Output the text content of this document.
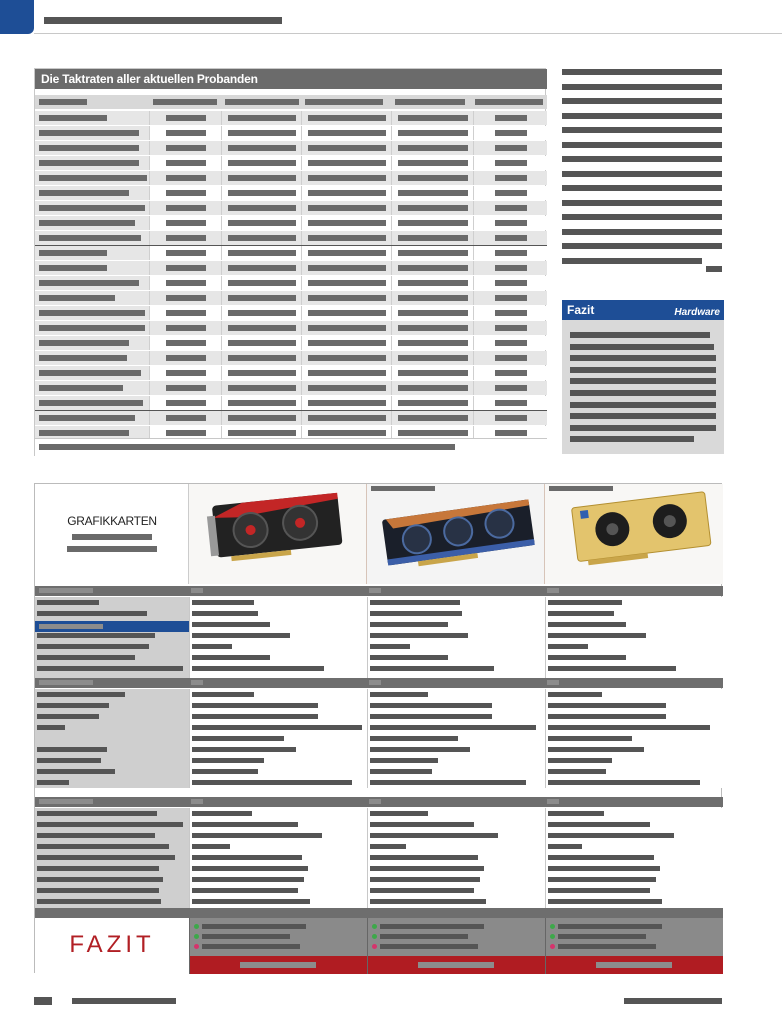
Die Taktraten aller aktuellen Probanden
Fazit	Hardware
GRAFIKKARTEN
FAZIT
